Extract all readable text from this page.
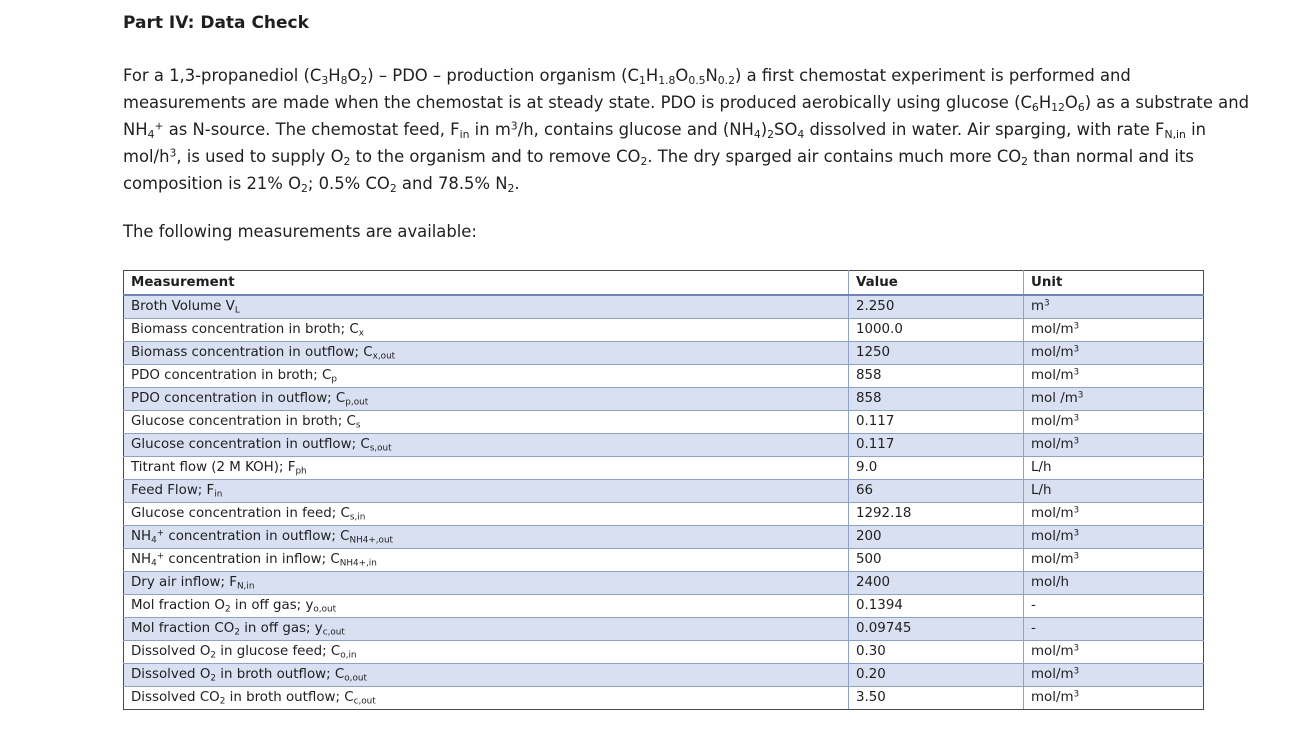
Part IV: Data Check

For a 1,3-propanediol $(C_3H_8O_2)$ – PDO – production organism $(C_1H_{1.8}O_{0.5}N_{0.2})$ a first chemostat experiment is performed and
measurements are made when the chemostat is at steady state. PDO is produced aerobically using glucose $(C_6H_{12}O_6)$ as a substrate and
$NH_4^+$ as N-source. The chemostat feed, $F_{in}$ in $m^3/h$, contains glucose and $(NH_4)_2SO_4$ dissolved in water. Air sparging, with rate $F_{N,in}$ in
mol/$h^3$, is used to supply $O_2$ to the organism and to remove $CO_2$. The dry sparged air contains much more $CO_2$ than normal and its
composition is 21% $O_2$; 0.5% $CO_2$ and 78.5% $N_2$.

The following measurements are available:

Measurement	Value	Unit
Broth Volume $V_L$	2.250	$m^3$
Biomass concentration in broth; $C_x$	1000.0	mol/$m^3$
Biomass concentration in outflow; $C_{x,out}$	1250	mol/$m^3$
PDO concentration in broth; $C_p$	858	mol/$m^3$
PDO concentration in outflow; $C_{p,out}$	858	mol $/m^3$
Glucose concentration in broth; $C_s$	0.117	mol/$m^3$
Glucose concentration in outflow; $C_{s,out}$	0.117	mol/$m^3$
Titrant flow (2 M KOH); $F_{ph}$	9.0	L/h
Feed Flow; $F_{in}$	66	L/h
Glucose concentration in feed; $C_{s,in}$	1292.18	mol/$m^3$
$NH_4^+$ concentration in outflow; $C_{NH4+,out}$	200	mol/$m^3$
$NH_4^+$ concentration in inflow; $C_{NH4+,in}$	500	mol/$m^3$
Dry air inflow; $F_{N,in}$	2400	mol/h
Mol fraction $O_2$ in off gas; $y_{o,out}$	0.1394	-
Mol fraction $CO_2$ in off gas; $y_{c,out}$	0.09745	-
Dissolved $O_2$ in glucose feed; $C_{o,in}$	0.30	mol/$m^3$
Dissolved $O_2$ in broth outflow; $C_{o,out}$	0.20	mol/$m^3$
Dissolved $CO_2$ in broth outflow; $C_{c,out}$	3.50	mol/$m^3$
